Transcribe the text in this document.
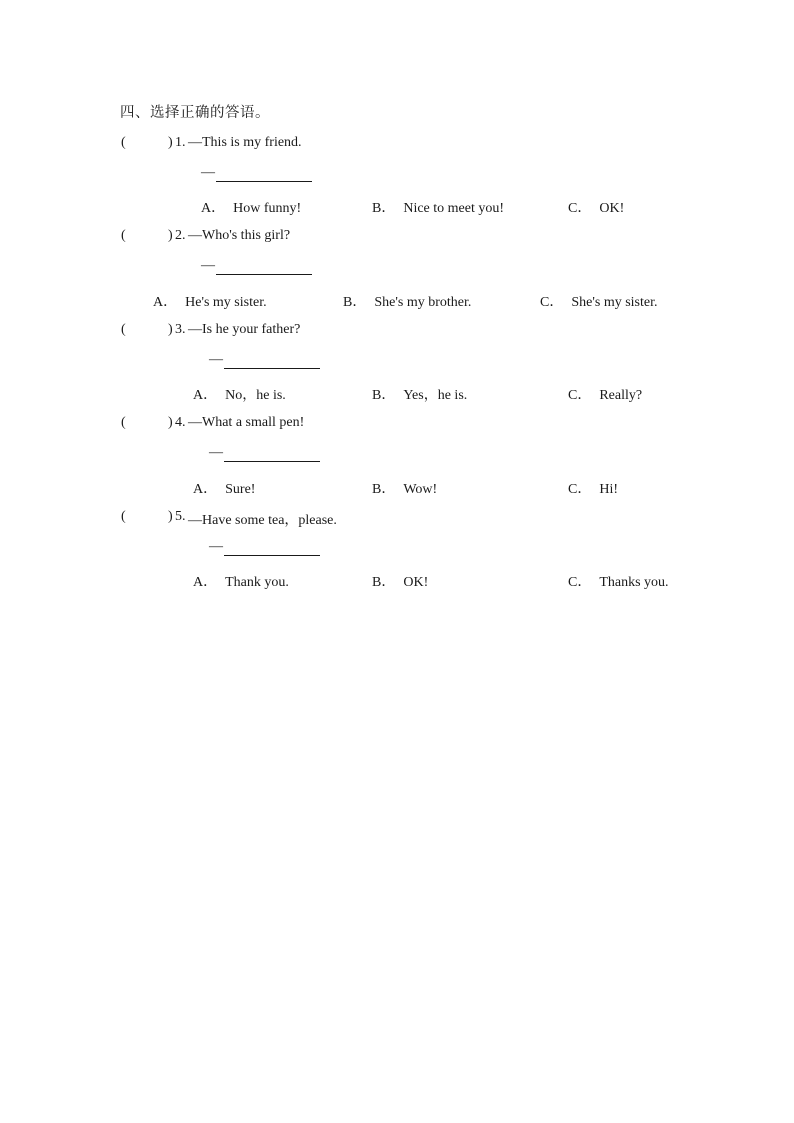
四、选择正确的答语。
(	) 1. —This is my friend.
—
A． How funny!	B． Nice to meet you!	C． OK!
(	) 2. —Who's this girl?
—
A． He's my sister.	B． She's my brother.	C． She's my sister.
(	) 3. —Is he your father?
—
A． No，he is.	B． Yes，he is.	C． Really?
(	) 4. —What a small pen!
—
A． Sure!	B． Wow!	C． Hi!
(	) 5. —Have some tea，please.
—
A． Thank you.	B． OK!	C． Thanks you.
